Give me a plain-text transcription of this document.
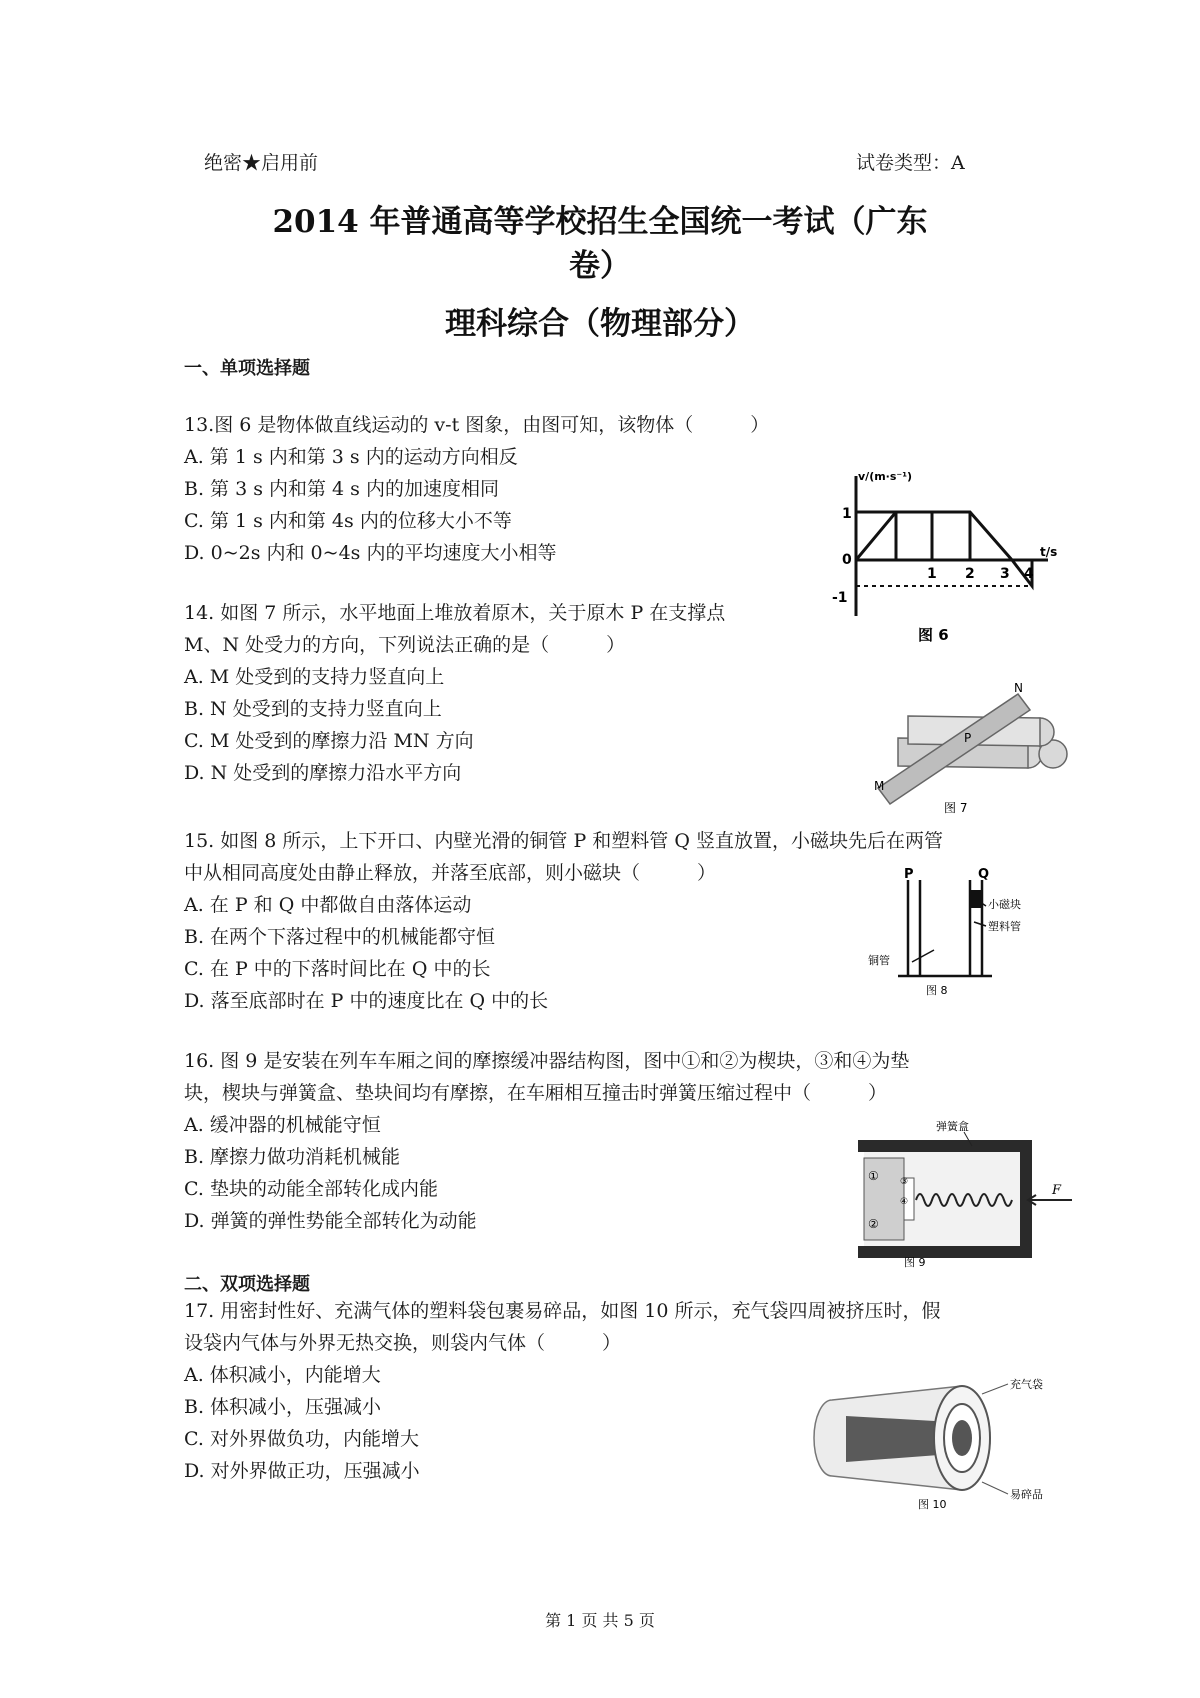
绝密★启用前	试卷类型：A
2014 年普通高等学校招生全国统一考试（广东
卷）
理科综合（物理部分）
一、单项选择题
13.图 6 是物体做直线运动的 v-t 图象，由图可知，该物体（　　　）
A. 第 1 s 内和第 3 s 内的运动方向相反
B. 第 3 s 内和第 4 s 内的加速度相同
C. 第 1 s 内和第 4s 内的位移大小不等
D. 0~2s 内和 0~4s 内的平均速度大小相等
v/(m·s⁻¹)
t/s
1
0
-1
1 2 3 4
图 6
14. 如图 7 所示，水平地面上堆放着原木，关于原木 P 在支撑点
M、N 处受力的方向，下列说法正确的是（　　　）
A. M 处受到的支持力竖直向上
B. N 处受到的支持力竖直向上
C. M 处受到的摩擦力沿 MN 方向
D. N 处受到的摩擦力沿水平方向
M
N
P
图 7
15. 如图 8 所示，上下开口、内壁光滑的铜管 P 和塑料管 Q 竖直放置，小磁块先后在两管
中从相同高度处由静止释放，并落至底部，则小磁块（　　　）
A. 在 P 和 Q 中都做自由落体运动
B. 在两个下落过程中的机械能都守恒
C. 在 P 中的下落时间比在 Q 中的长
D. 落至底部时在 P 中的速度比在 Q 中的长
P	Q
小磁块
塑料管
铜管
图 8
16. 图 9 是安装在列车车厢之间的摩擦缓冲器结构图，图中①和②为楔块，③和④为垫
块，楔块与弹簧盒、垫块间均有摩擦，在车厢相互撞击时弹簧压缩过程中（　　　）
A. 缓冲器的机械能守恒
B. 摩擦力做功消耗机械能
C. 垫块的动能全部转化成内能
D. 弹簧的弹性势能全部转化为动能
弹簧盒
F
①
②
③
④
图 9
二、双项选择题
17. 用密封性好、充满气体的塑料袋包裹易碎品，如图 10 所示，充气袋四周被挤压时，假
设袋内气体与外界无热交换，则袋内气体（　　　）
A. 体积减小，内能增大
B. 体积减小，压强减小
C. 对外界做负功，内能增大
D. 对外界做正功，压强减小
充气袋
易碎品
图 10
第 1 页 共 5 页
